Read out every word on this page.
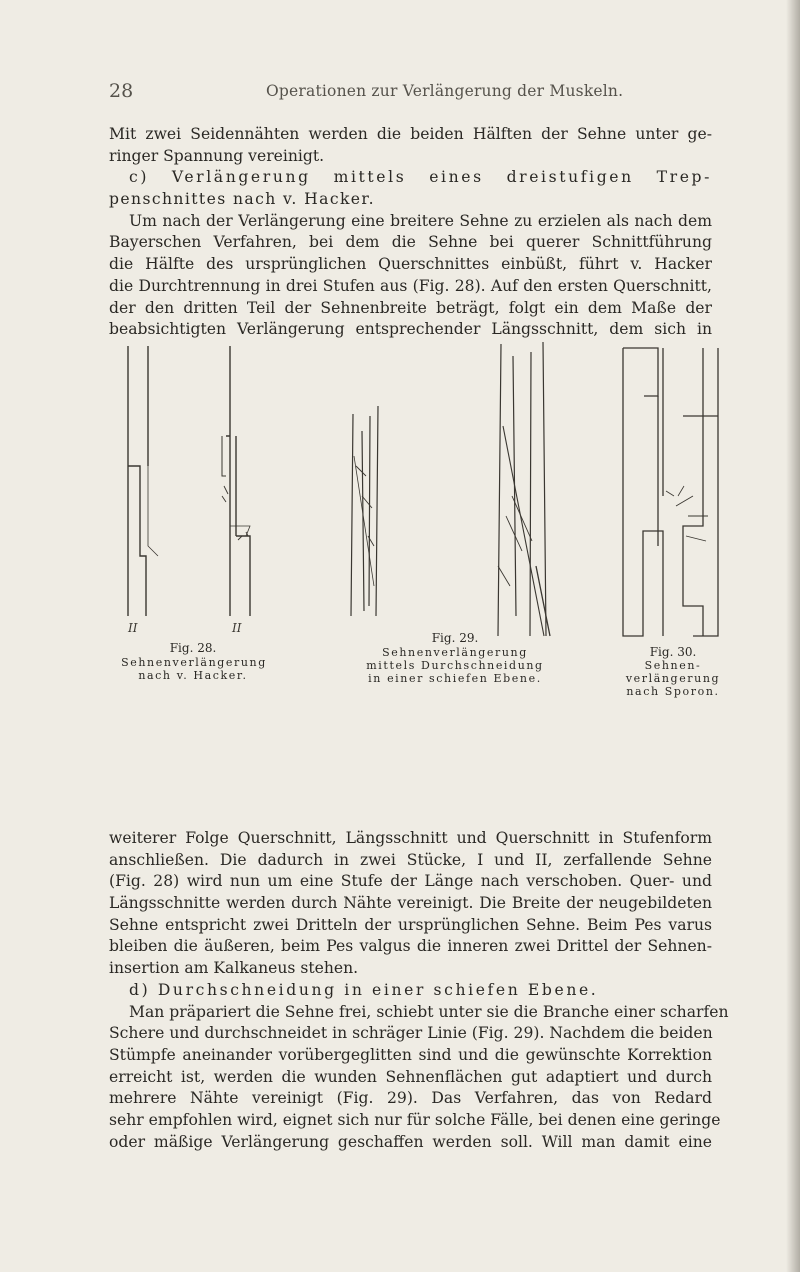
28	Operationen zur Verlängerung der Muskeln.
Mit zwei Seidennähten werden die beiden Hälften der Sehne unter ge-
ringer Spannung vereinigt.
c) Verlängerung mittels eines dreistufigen Trep-
penschnittes nach v. Hacker.
Um nach der Verlängerung eine breitere Sehne zu erzielen als nach dem
Bayerschen Verfahren, bei dem die Sehne bei querer Schnittführung
die Hälfte des ursprünglichen Querschnittes einbüßt, führt v. Hacker
die Durchtrennung in drei Stufen aus (Fig. 28). Auf den ersten Querschnitt,
der den dritten Teil der Sehnenbreite beträgt, folgt ein dem Maße der
beabsichtigten Verlängerung entsprechender Längsschnitt, dem sich in
II	II
Fig. 28.
Sehnenverlängerung
nach v. Hacker.
Fig. 29.
Sehnenverlängerung
mittels Durchschneidung
in einer schiefen Ebene.
Fig. 30.
Sehnen-
verlängerung
nach Sporon.
weiterer Folge Querschnitt, Längsschnitt und Querschnitt in Stufenform
anschließen. Die dadurch in zwei Stücke, I und II, zerfallende Sehne
(Fig. 28) wird nun um eine Stufe der Länge nach verschoben. Quer- und
Längsschnitte werden durch Nähte vereinigt. Die Breite der neugebildeten
Sehne entspricht zwei Dritteln der ursprünglichen Sehne. Beim Pes varus
bleiben die äußeren, beim Pes valgus die inneren zwei Drittel der Sehnen-
insertion am Kalkaneus stehen.
d) Durchschneidung in einer schiefen Ebene.
Man präpariert die Sehne frei, schiebt unter sie die Branche einer scharfen
Schere und durchschneidet in schräger Linie (Fig. 29). Nachdem die beiden
Stümpfe aneinander vorübergeglitten sind und die gewünschte Korrektion
erreicht ist, werden die wunden Sehnenflächen gut adaptiert und durch
mehrere Nähte vereinigt (Fig. 29). Das Verfahren, das von Redard
sehr empfohlen wird, eignet sich nur für solche Fälle, bei denen eine geringe
oder mäßige Verlängerung geschaffen werden soll. Will man damit eine
